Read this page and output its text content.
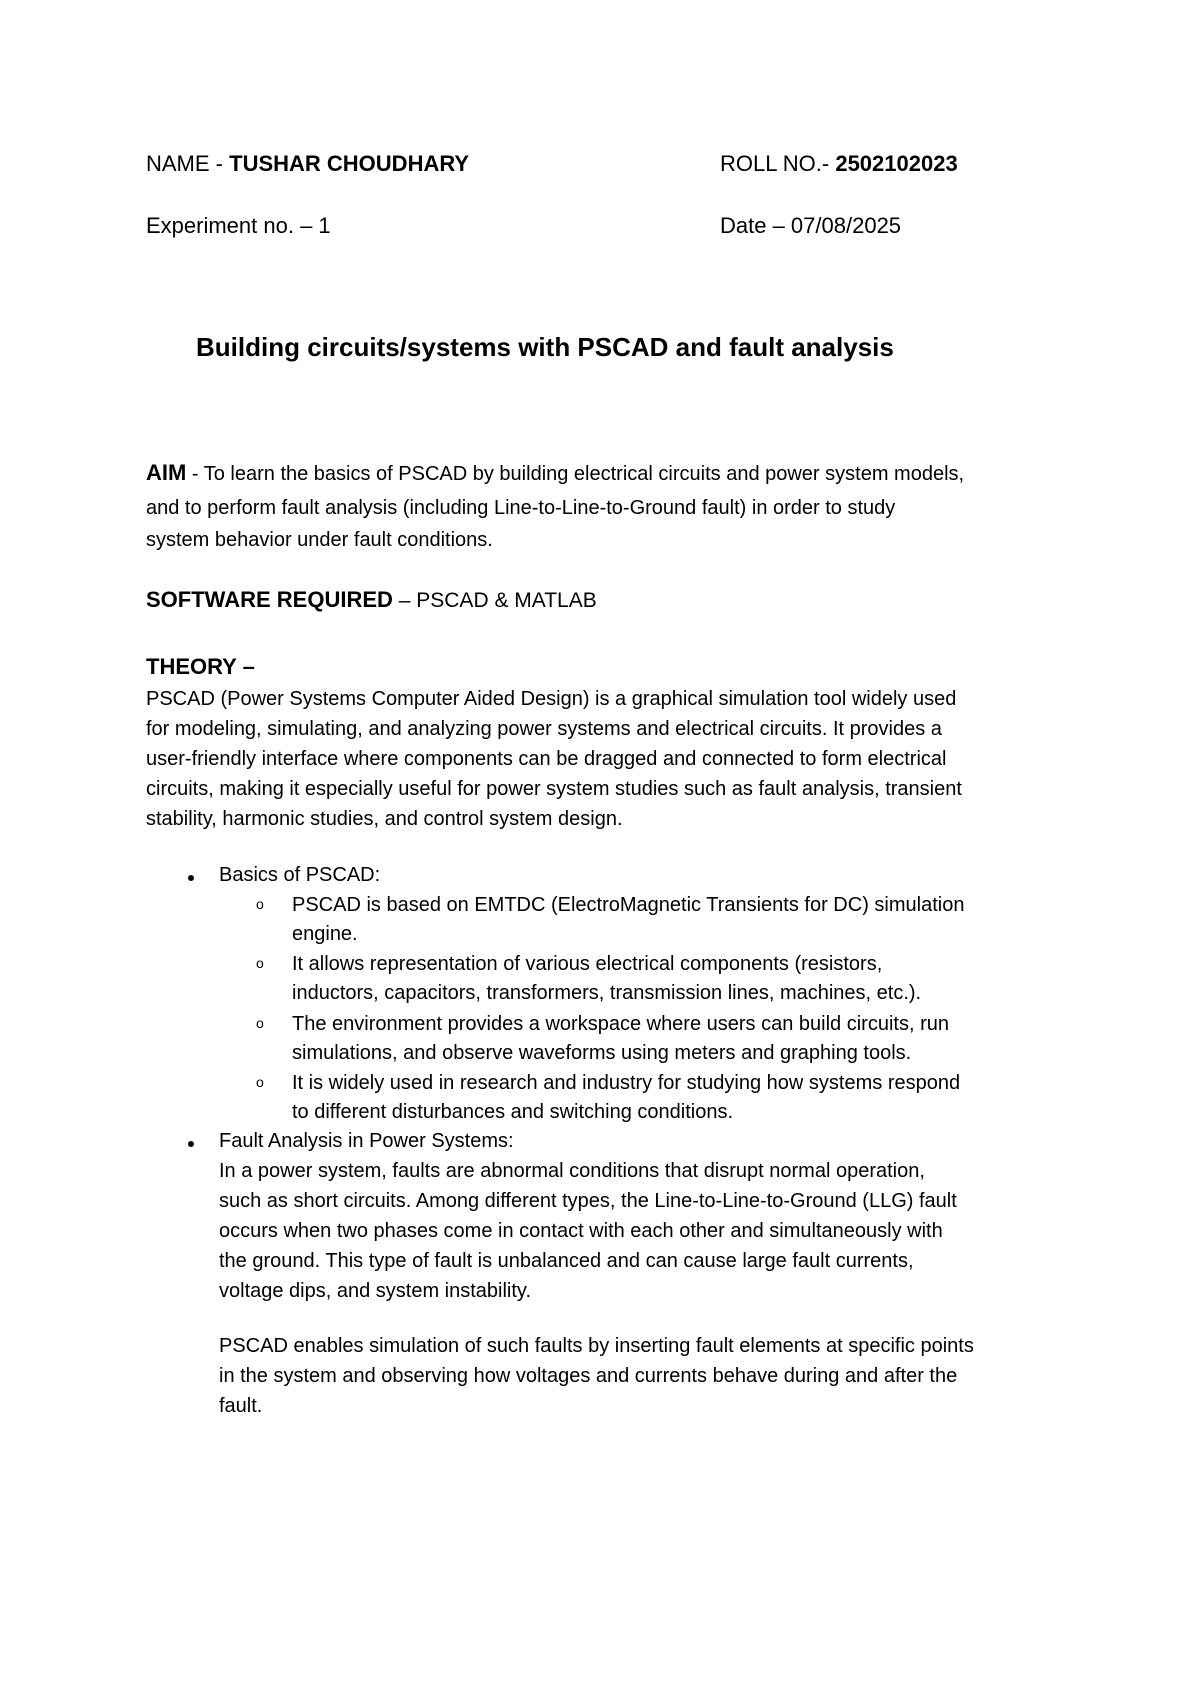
NAME - TUSHAR CHOUDHARY	ROLL NO.- 2502102023
Experiment no. – 1	Date – 07/08/2025
Building circuits/systems with PSCAD and fault analysis
AIM - To learn the basics of PSCAD by building electrical circuits and power system models,
and to perform fault analysis (including Line-to-Line-to-Ground fault) in order to study
system behavior under fault conditions.
SOFTWARE REQUIRED – PSCAD & MATLAB
THEORY –
PSCAD (Power Systems Computer Aided Design) is a graphical simulation tool widely used
for modeling, simulating, and analyzing power systems and electrical circuits. It provides a
user-friendly interface where components can be dragged and connected to form electrical
circuits, making it especially useful for power system studies such as fault analysis, transient
stability, harmonic studies, and control system design.
Basics of PSCAD:
o PSCAD is based on EMTDC (ElectroMagnetic Transients for DC) simulation
engine.
o It allows representation of various electrical components (resistors,
inductors, capacitors, transformers, transmission lines, machines, etc.).
o The environment provides a workspace where users can build circuits, run
simulations, and observe waveforms using meters and graphing tools.
o It is widely used in research and industry for studying how systems respond
to different disturbances and switching conditions.
Fault Analysis in Power Systems:
In a power system, faults are abnormal conditions that disrupt normal operation,
such as short circuits. Among different types, the Line-to-Line-to-Ground (LLG) fault
occurs when two phases come in contact with each other and simultaneously with
the ground. This type of fault is unbalanced and can cause large fault currents,
voltage dips, and system instability.
PSCAD enables simulation of such faults by inserting fault elements at specific points
in the system and observing how voltages and currents behave during and after the
fault.
